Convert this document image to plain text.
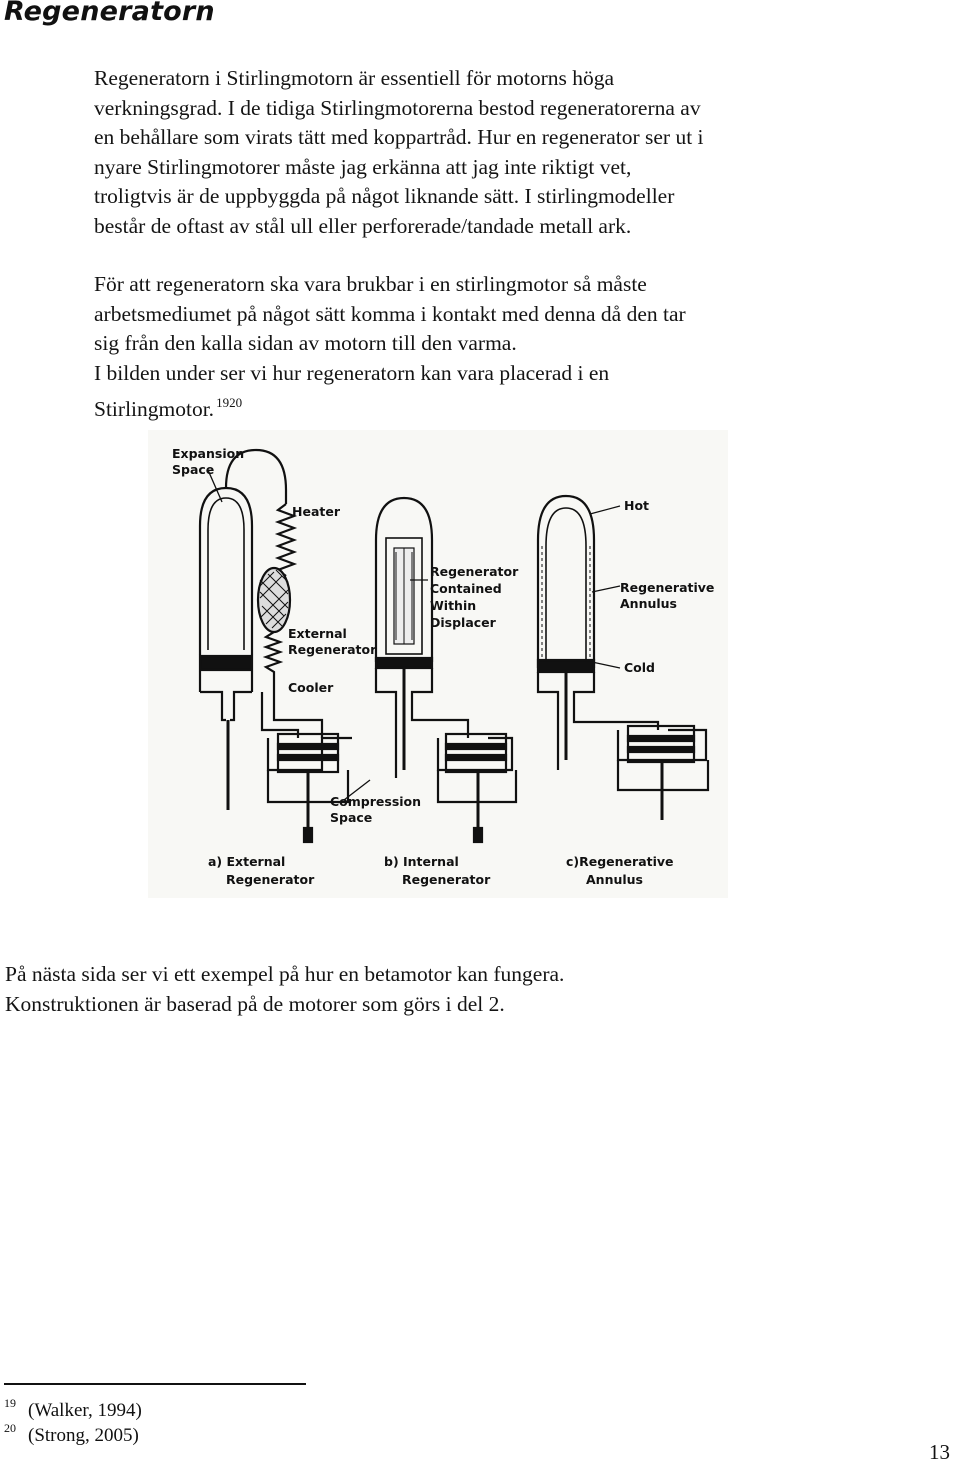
Regeneratorn

Regeneratorn i Stirlingmotorn är essentiell för motorns höga
verkningsgrad. I de tidiga Stirlingmotorerna bestod regeneratorerna av
en behållare som virats tätt med koppartråd. Hur en regenerator ser ut i
nyare Stirlingmotorer måste jag erkänna att jag inte riktigt vet,
troligtvis är de uppbyggda på något liknande sätt. I stirlingmodeller
består de oftast av stål ull eller perforerade/tandade metall ark.

För att regeneratorn ska vara brukbar i en stirlingmotor så måste
arbetsmediumet på något sätt komma i kontakt med denna då den tar
sig från den kalla sidan av motorn till den varma.
I bilden under ser vi hur regeneratorn kan vara placerad i en
Stirlingmotor. $^{1920}$

Expansion
Space
Heater
External
Regenerator
Cooler
Compression
Space
Regenerator
Contained
Within
Displacer
Hot
Regenerative
Annulus
Cold
a) External
Regenerator
b) Internal
Regenerator
c)Regenerative
Annulus

På nästa sida ser vi ett exempel på hur en betamotor kan fungera.
Konstruktionen är baserad på de motorer som görs i del 2.

$^{19}$ (Walker, 1994)
$^{20}$ (Strong, 2005)
13
